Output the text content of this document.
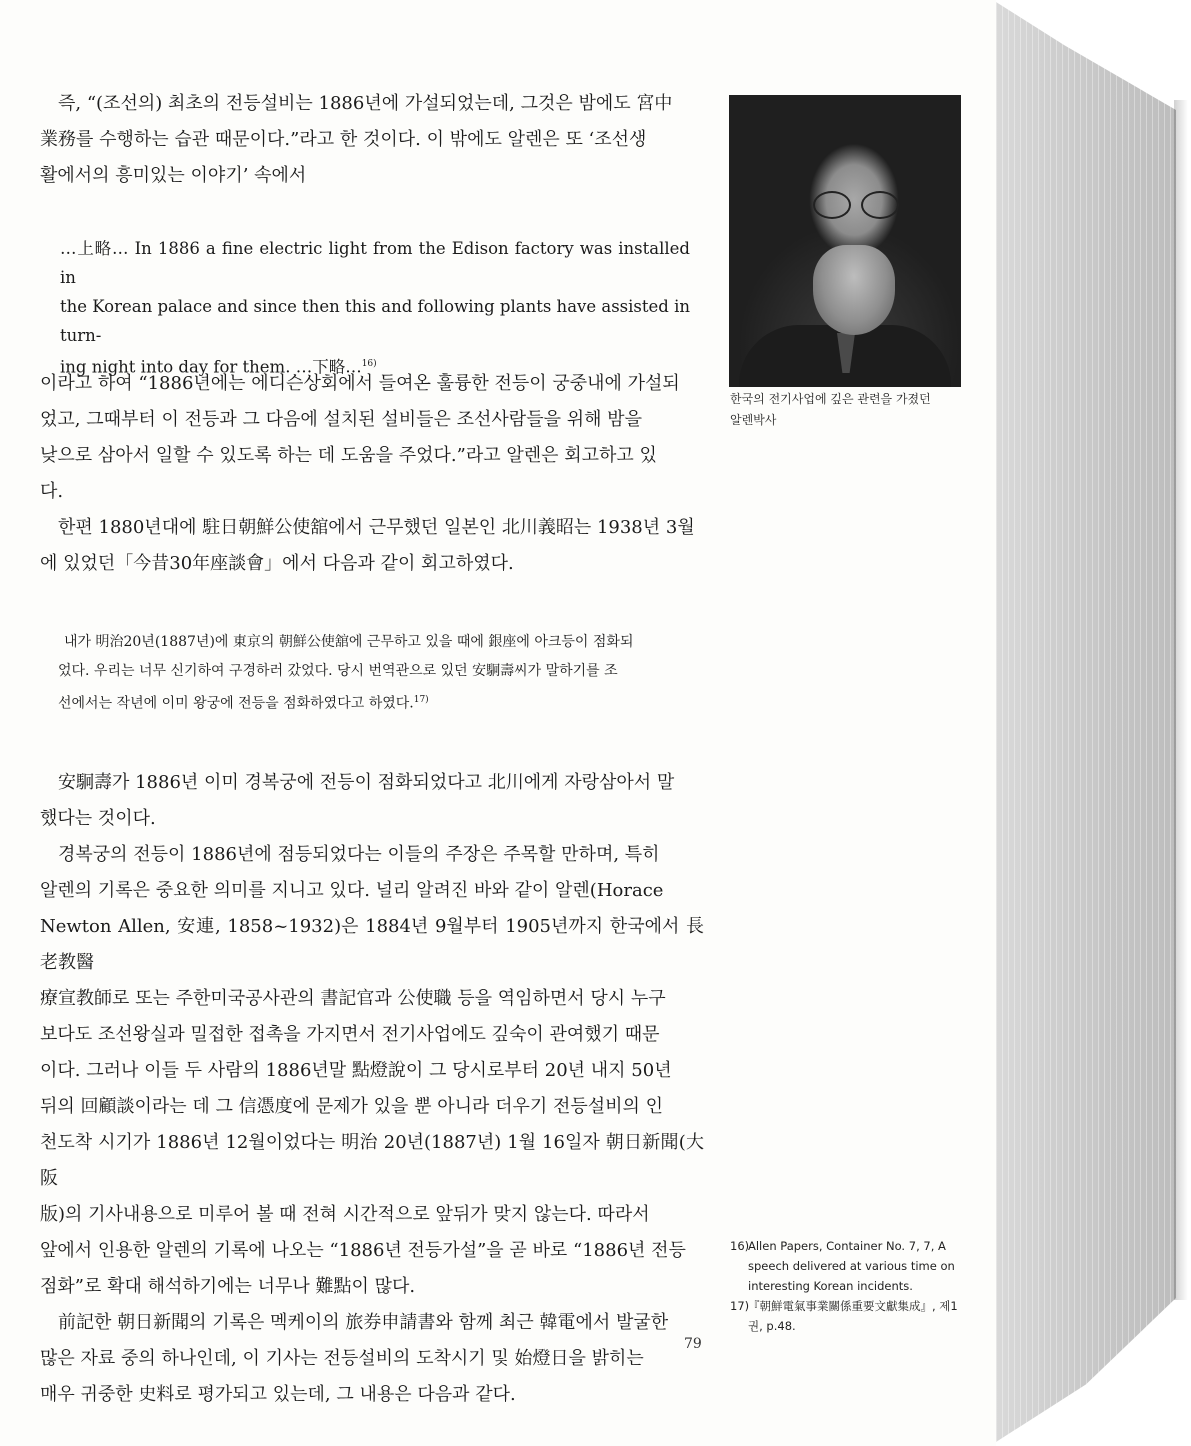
즉, “(조선의) 최초의 전등설비는 1886년에 가설되었는데, 그것은 밤에도 宮中

業務를 수행하는 습관 때문이다.”라고 한 것이다. 이 밖에도 알렌은 또 ‘조선생

활에서의 흥미있는 이야기’ 속에서

…上略… In 1886 a fine electric light from the Edison factory was installed in

the Korean palace and since then this and following plants have assisted in turn-

ing night into day for them. …下略…$^{16)}$

이라고 하여 “1886년에는 에디슨상회에서 들여온 훌륭한 전등이 궁중내에 가설되

었고, 그때부터 이 전등과 그 다음에 설치된 설비들은 조선사람들을 위해 밤을

낮으로 삼아서 일할 수 있도록 하는 데 도움을 주었다.”라고 알렌은 회고하고 있

다.

한편 1880년대에 駐日朝鮮公使舘에서 근무했던 일본인 北川義昭는 1938년 3월

에 있었던「今昔30年座談會」에서 다음과 같이 회고하였다.

내가 明治20년(1887년)에 東京의 朝鮮公使舘에 근무하고 있을 때에 銀座에 아크등이 점화되

었다. 우리는 너무 신기하여 구경하러 갔었다. 당시 번역관으로 있던 安駉壽씨가 말하기를 조

선에서는 작년에 이미 왕궁에 전등을 점화하였다고 하였다.$^{17)}$

安駉壽가 1886년 이미 경복궁에 전등이 점화되었다고 北川에게 자랑삼아서 말

했다는 것이다.

경복궁의 전등이 1886년에 점등되었다는 이들의 주장은 주목할 만하며, 특히

알렌의 기록은 중요한 의미를 지니고 있다. 널리 알려진 바와 같이 알렌(Horace

Newton Allen, 安連, 1858~1932)은 1884년 9월부터 1905년까지 한국에서 長老教醫

療宣教師로 또는 주한미국공사관의 書記官과 公使職 등을 역임하면서 당시 누구

보다도 조선왕실과 밀접한 접촉을 가지면서 전기사업에도 깊숙이 관여했기 때문

이다. 그러나 이들 두 사람의 1886년말 點燈說이 그 당시로부터 20년 내지 50년

뒤의 回顧談이라는 데 그 信憑度에 문제가 있을 뿐 아니라 더우기 전등설비의 인

천도착 시기가 1886년 12월이었다는 明治 20년(1887년) 1월 16일자 朝日新聞(大阪

版)의 기사내용으로 미루어 볼 때 전혀 시간적으로 앞뒤가 맞지 않는다. 따라서

앞에서 인용한 알렌의 기록에 나오는 “1886년 전등가설”을 곧 바로 “1886년 전등

점화”로 확대 해석하기에는 너무나 難點이 많다.

前記한 朝日新聞의 기록은 멕케이의 旅券申請書와 함께 최근 韓電에서 발굴한

많은 자료 중의 하나인데, 이 기사는 전등설비의 도착시기 및 始燈日을 밝히는

매우 귀중한 史料로 평가되고 있는데, 그 내용은 다음과 같다.

한국의 전기사업에 깊은 관련을 가졌던
알렌박사
16)
Allen Papers, Container No. 7, 7, A speech delivered at various time on interesting Korean incidents.
17)
『朝鮮電氣事業關係重要文獻集成』, 제1권, p.48.
79
